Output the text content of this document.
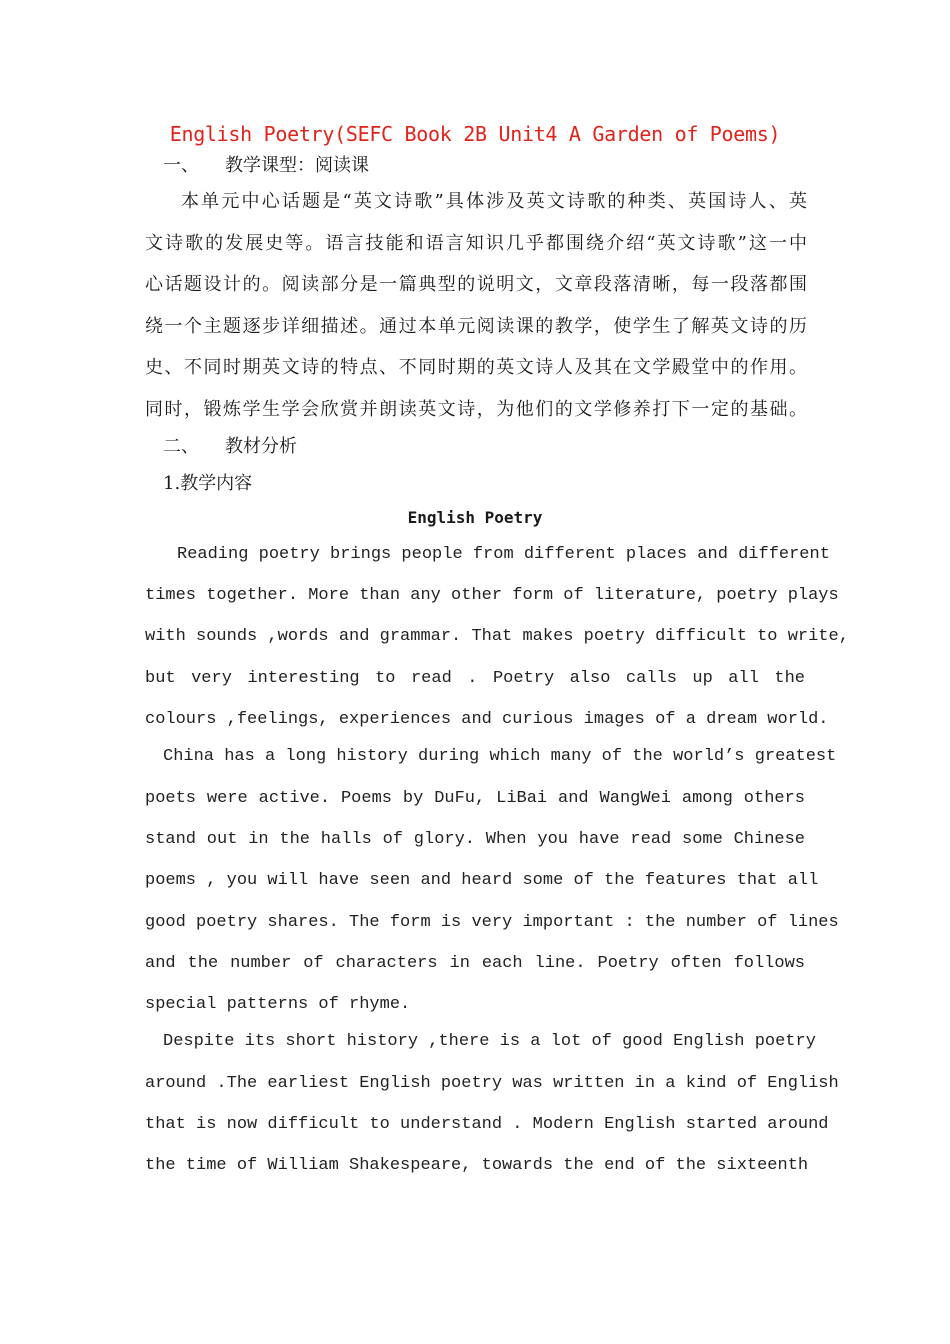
English Poetry(SEFC Book 2B Unit4 A Garden of Poems)
一、 教学课型：阅读课
本单元中心话题是“英文诗歌”具体涉及英文诗歌的种类、英国诗人、英
文诗歌的发展史等。语言技能和语言知识几乎都围绕介绍“英文诗歌”这一中
心话题设计的。阅读部分是一篇典型的说明文，文章段落清晰，每一段落都围
绕一个主题逐步详细描述。通过本单元阅读课的教学，使学生了解英文诗的历
史、不同时期英文诗的特点、不同时期的英文诗人及其在文学殿堂中的作用。
同时，锻炼学生学会欣赏并朗读英文诗，为他们的文学修养打下一定的基础。
二、 教材分析
1.教学内容
English Poetry
Reading poetry brings people from different places and different
times together. More than any other form of literature, poetry plays
with sounds ,words and grammar. That makes poetry difficult to write,
but very interesting to read . Poetry also calls up all the
colours ,feelings, experiences and curious images of a dream world.
China has a long history during which many of the world’s greatest
poets were active. Poems by DuFu, LiBai and WangWei among others
stand out in the halls of glory. When you have read some Chinese
poems , you will have seen and heard some of the features that all
good poetry shares. The form is very important : the number of lines
and the number of characters in each line. Poetry often follows
special patterns of rhyme.
Despite its short history ,there is a lot of good English poetry
around .The earliest English poetry was written in a kind of English
that is now difficult to understand . Modern English started around
the time of William Shakespeare, towards the end of the sixteenth
